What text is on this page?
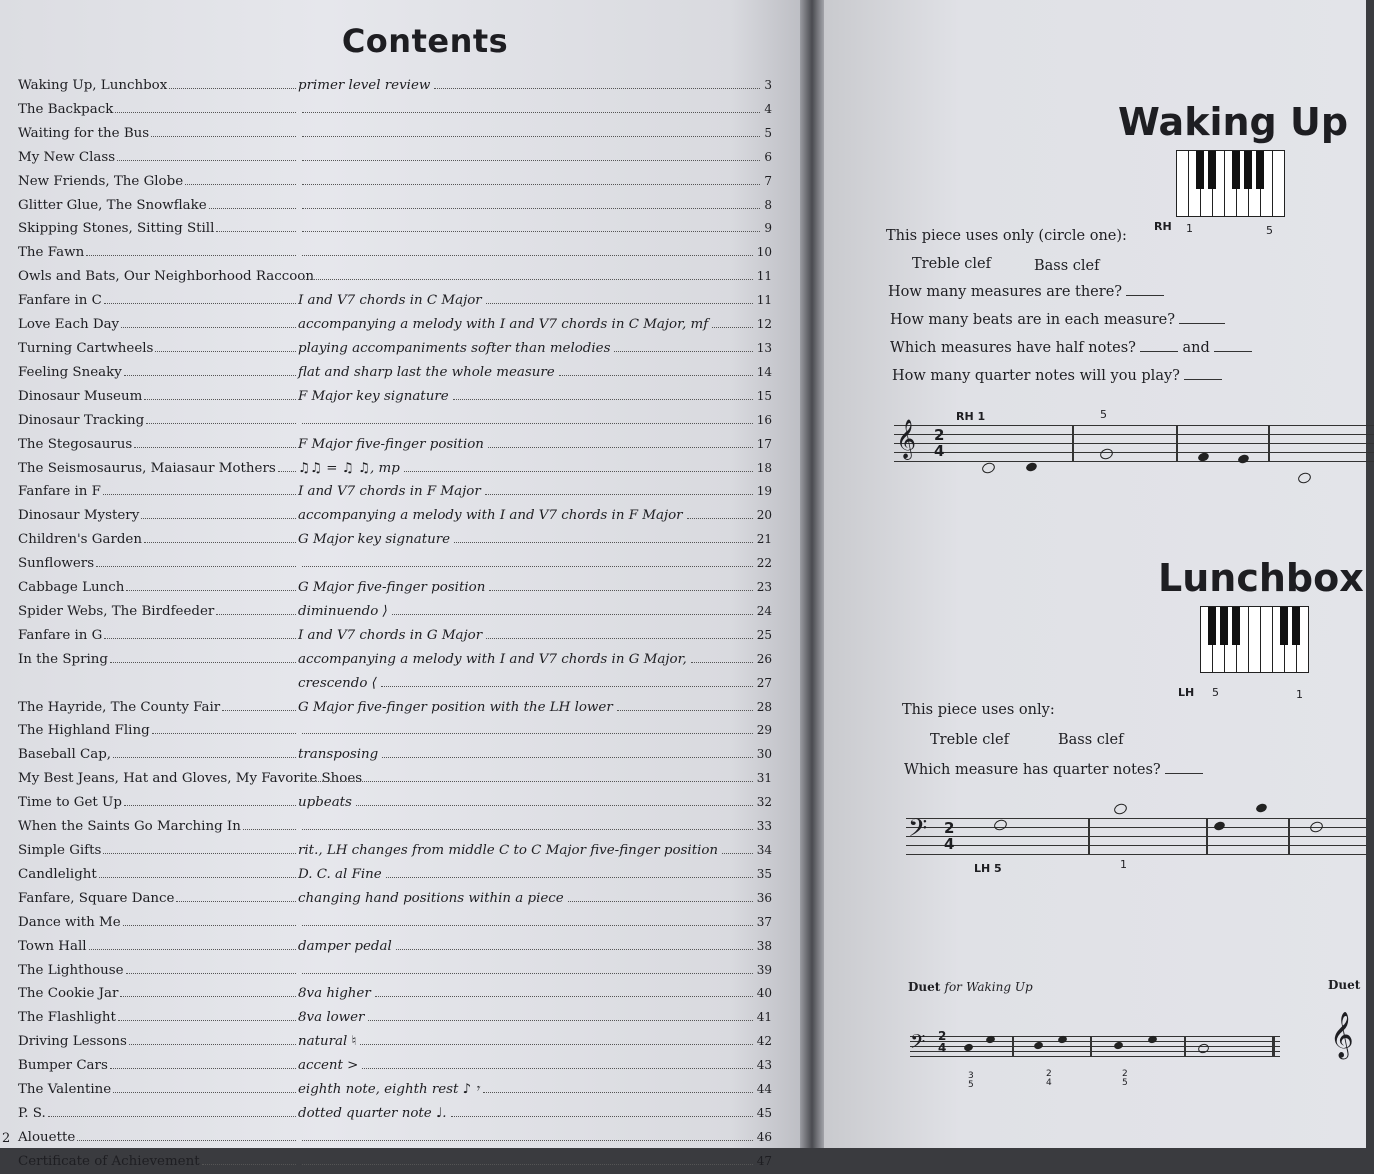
Contents
Waking Up, Lunchbox	primer level review	3
The Backpack	4
Waiting for the Bus	5
My New Class	6
New Friends, The Globe	7
Glitter Glue, The Snowflake	8
Skipping Stones, Sitting Still	9
The Fawn	10
Owls and Bats, Our Neighborhood Raccoon	11
Fanfare in C	I and V7 chords in C Major	11
Love Each Day	accompanying a melody with I and V7 chords in C Major, mf	12
Turning Cartwheels	playing accompaniments softer than melodies	13
Feeling Sneaky	flat and sharp last the whole measure	14
Dinosaur Museum	F Major key signature	15
Dinosaur Tracking	16
The Stegosaurus	F Major five-finger position	17
The Seismosaurus, Maiasaur Mothers ♫♫ = ♫ ♫, mp	18
Fanfare in F	I and V7 chords in F Major	19
Dinosaur Mystery	accompanying a melody with I and V7 chords in F Major	20
Children's Garden	G Major key signature	21
Sunflowers	22
Cabbage Lunch	G Major five-finger position	23
Spider Webs, The Birdfeeder	diminuendo ⟩	24
Fanfare in G	I and V7 chords in G Major	25
In the Spring	accompanying a melody with I and V7 chords in G Major,	26
crescendo ⟨	27
The Hayride, The County Fair	G Major five-finger position with the LH lower	28
The Highland Fling	29
Baseball Cap,	transposing	30
My Best Jeans, Hat and Gloves, My Favorite Shoes	31
Time to Get Up	upbeats	32
When the Saints Go Marching In	33
Simple Gifts	rit., LH changes from middle C to C Major five-finger position	34
Candlelight	D. C. al Fine	35
Fanfare, Square Dance	changing hand positions within a piece	36
Dance with Me	37
Town Hall	damper pedal	38
The Lighthouse	39
The Cookie Jar	8va higher	40
The Flashlight	8va lower	41
Driving Lessons	natural ♮	42
Bumper Cars	accent >	43
The Valentine	eighth note, eighth rest ♪ 𝄾	44
P. S.	dotted quarter note ♩.	45
Alouette	46
Certificate of Achievement	47
2
Waking Up
RH 1	5
This piece uses only (circle one):
Treble clef	Bass clef
How many measures are there?
How many beats are in each measure?
Which measures have half notes?	and
How many quarter notes will you play?
RH 1	5
𝄞 2
4
Lunchbox
LH 5	1
This piece uses only:
Treble clef	Bass clef
Which measure has quarter notes?
𝄢 2
4
LH 5	1
Duet for Waking Up	Duet
𝄢 2
4
3
5
2
4
2
5
𝄞
